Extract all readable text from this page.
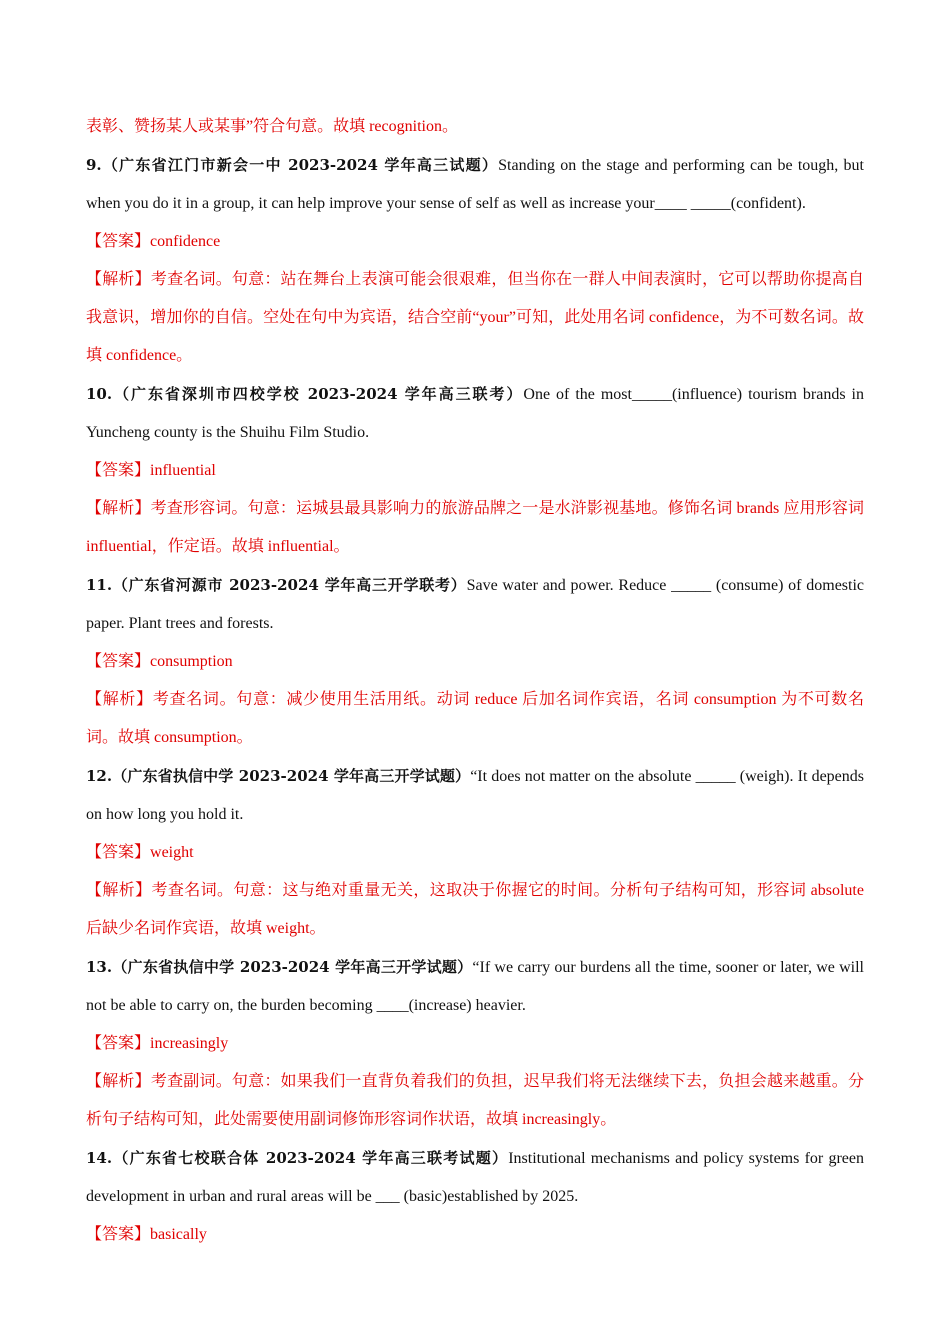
表彰、赞扬某人或某事”符合句意。故填 recognition。

9.（广东省江门市新会一中 2023-2024 学年高三试题）Standing on the stage and performing can be tough, but when you do it in a group, it can help improve your sense of self as well as increase your____ _____(confident).

【答案】confidence

【解析】考查名词。句意：站在舞台上表演可能会很艰难，但当你在一群人中间表演时，它可以帮助你提高自我意识，增加你的自信。空处在句中为宾语，结合空前“your”可知，此处用名词 confidence，为不可数名词。故填 confidence。

10.（广东省深圳市四校学校 2023-2024 学年高三联考）One of the most_____(influence) tourism brands in Yuncheng county is the Shuihu Film Studio.

【答案】influential

【解析】考查形容词。句意：运城县最具影响力的旅游品牌之一是水浒影视基地。修饰名词 brands 应用形容词 influential，作定语。故填 influential。

11.（广东省河源市 2023-2024 学年高三开学联考）Save water and power. Reduce _____ (consume) of domestic paper. Plant trees and forests.

【答案】consumption

【解析】考查名词。句意：减少使用生活用纸。动词 reduce 后加名词作宾语，名词 consumption 为不可数名词。故填 consumption。

12.（广东省执信中学 2023-2024 学年高三开学试题）“It does not matter on the absolute _____ (weigh). It depends on how long you hold it.

【答案】weight

【解析】考查名词。句意：这与绝对重量无关，这取决于你握它的时间。分析句子结构可知，形容词 absolute 后缺少名词作宾语，故填 weight。

13.（广东省执信中学 2023-2024 学年高三开学试题）“If we carry our burdens all the time, sooner or later, we will not be able to carry on, the burden becoming ____(increase) heavier.

【答案】increasingly

【解析】考查副词。句意：如果我们一直背负着我们的负担，迟早我们将无法继续下去，负担会越来越重。分析句子结构可知，此处需要使用副词修饰形容词作状语，故填 increasingly。

14.（广东省七校联合体 2023-2024 学年高三联考试题）Institutional mechanisms and policy systems for green development in urban and rural areas will be ___ (basic)established by 2025.

【答案】basically
